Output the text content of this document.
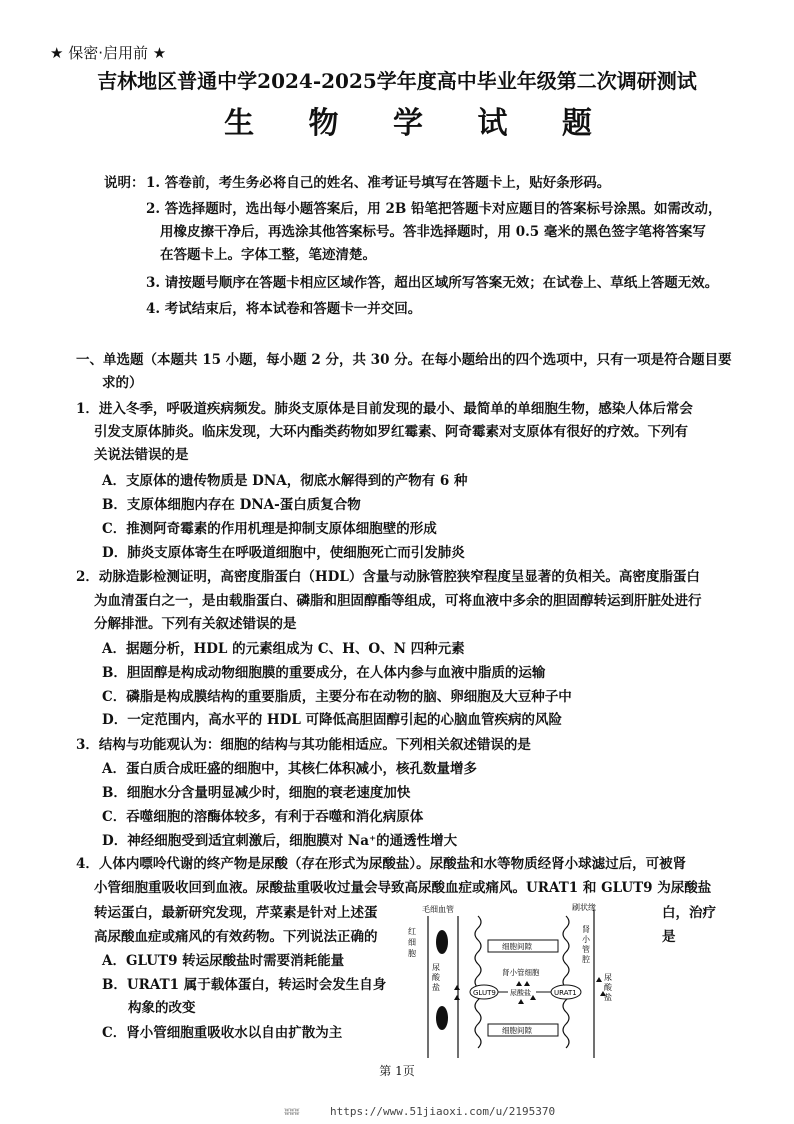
★ 保密·启用前 ★
吉林地区普通中学2024-2025学年度高中毕业年级第二次调研测试
生 物 学 试 题
说明： 1. 答卷前，考生务必将自己的姓名、准考证号填写在答题卡上，贴好条形码。
2. 答选择题时，选出每小题答案后，用 2B 铅笔把答题卡对应题目的答案标号涂黑。如需改动，
用橡皮擦干净后，再选涂其他答案标号。答非选择题时，用 0.5 毫米的黑色签字笔将答案写
在答题卡上。字体工整，笔迹清楚。
3. 请按题号顺序在答题卡相应区域作答，超出区域所写答案无效；在试卷上、草纸上答题无效。
4. 考试结束后，将本试卷和答题卡一并交回。
一、单选题（本题共 15 小题，每小题 2 分，共 30 分。在每小题给出的四个选项中，只有一项是符合题目要
求的）
1．进入冬季，呼吸道疾病频发。肺炎支原体是目前发现的最小、最简单的单细胞生物，感染人体后常会
引发支原体肺炎。临床发现，大环内酯类药物如罗红霉素、阿奇霉素对支原体有很好的疗效。下列有
关说法错误的是
A．支原体的遗传物质是 DNA，彻底水解得到的产物有 6 种
B．支原体细胞内存在 DNA-蛋白质复合物
C．推测阿奇霉素的作用机理是抑制支原体细胞壁的形成
D．肺炎支原体寄生在呼吸道细胞中，使细胞死亡而引发肺炎
2．动脉造影检测证明，高密度脂蛋白（HDL）含量与动脉管腔狭窄程度呈显著的负相关。高密度脂蛋白
为血清蛋白之一，是由载脂蛋白、磷脂和胆固醇酯等组成，可将血液中多余的胆固醇转运到肝脏处进行
分解排泄。下列有关叙述错误的是
A．据题分析，HDL 的元素组成为 C、H、O、N 四种元素
B．胆固醇是构成动物细胞膜的重要成分，在人体内参与血液中脂质的运输
C．磷脂是构成膜结构的重要脂质，主要分布在动物的脑、卵细胞及大豆种子中
D．一定范围内，高水平的 HDL 可降低高胆固醇引起的心脑血管疾病的风险
3．结构与功能观认为：细胞的结构与其功能相适应。下列相关叙述错误的是
A．蛋白质合成旺盛的细胞中，其核仁体积减小，核孔数量增多
B．细胞水分含量明显减少时，细胞的衰老速度加快
C．吞噬细胞的溶酶体较多，有利于吞噬和消化病原体
D．神经细胞受到适宜刺激后，细胞膜对 Na⁺的通透性增大
4．人体内嘌呤代谢的终产物是尿酸（存在形式为尿酸盐）。尿酸盐和水等物质经肾小球滤过后，可被肾
小管细胞重吸收回到血液。尿酸盐重吸收过量会导致高尿酸血症或痛风。URAT1 和 GLUT9 为尿酸盐
转运蛋白，最新研究发现，芹菜素是针对上述蛋
高尿酸血症或痛风的有效药物。下列说法正确的
白，治疗
是
A．GLUT9 转运尿酸盐时需要消耗能量
B．URAT1 属于载体蛋白，转运时会发生自身
构象的改变
C．肾小管细胞重吸收水以自由扩散为主
毛细血管
红细胞
尿酸盐
刷状缘
细胞间隙
细胞间隙
肾小管细胞
GLUT9	URAT1
尿酸盐
肾小管腔
尿酸盐
第 1页
ʬʬʬ	https://www.51jiaoxi.com/u/2195370
